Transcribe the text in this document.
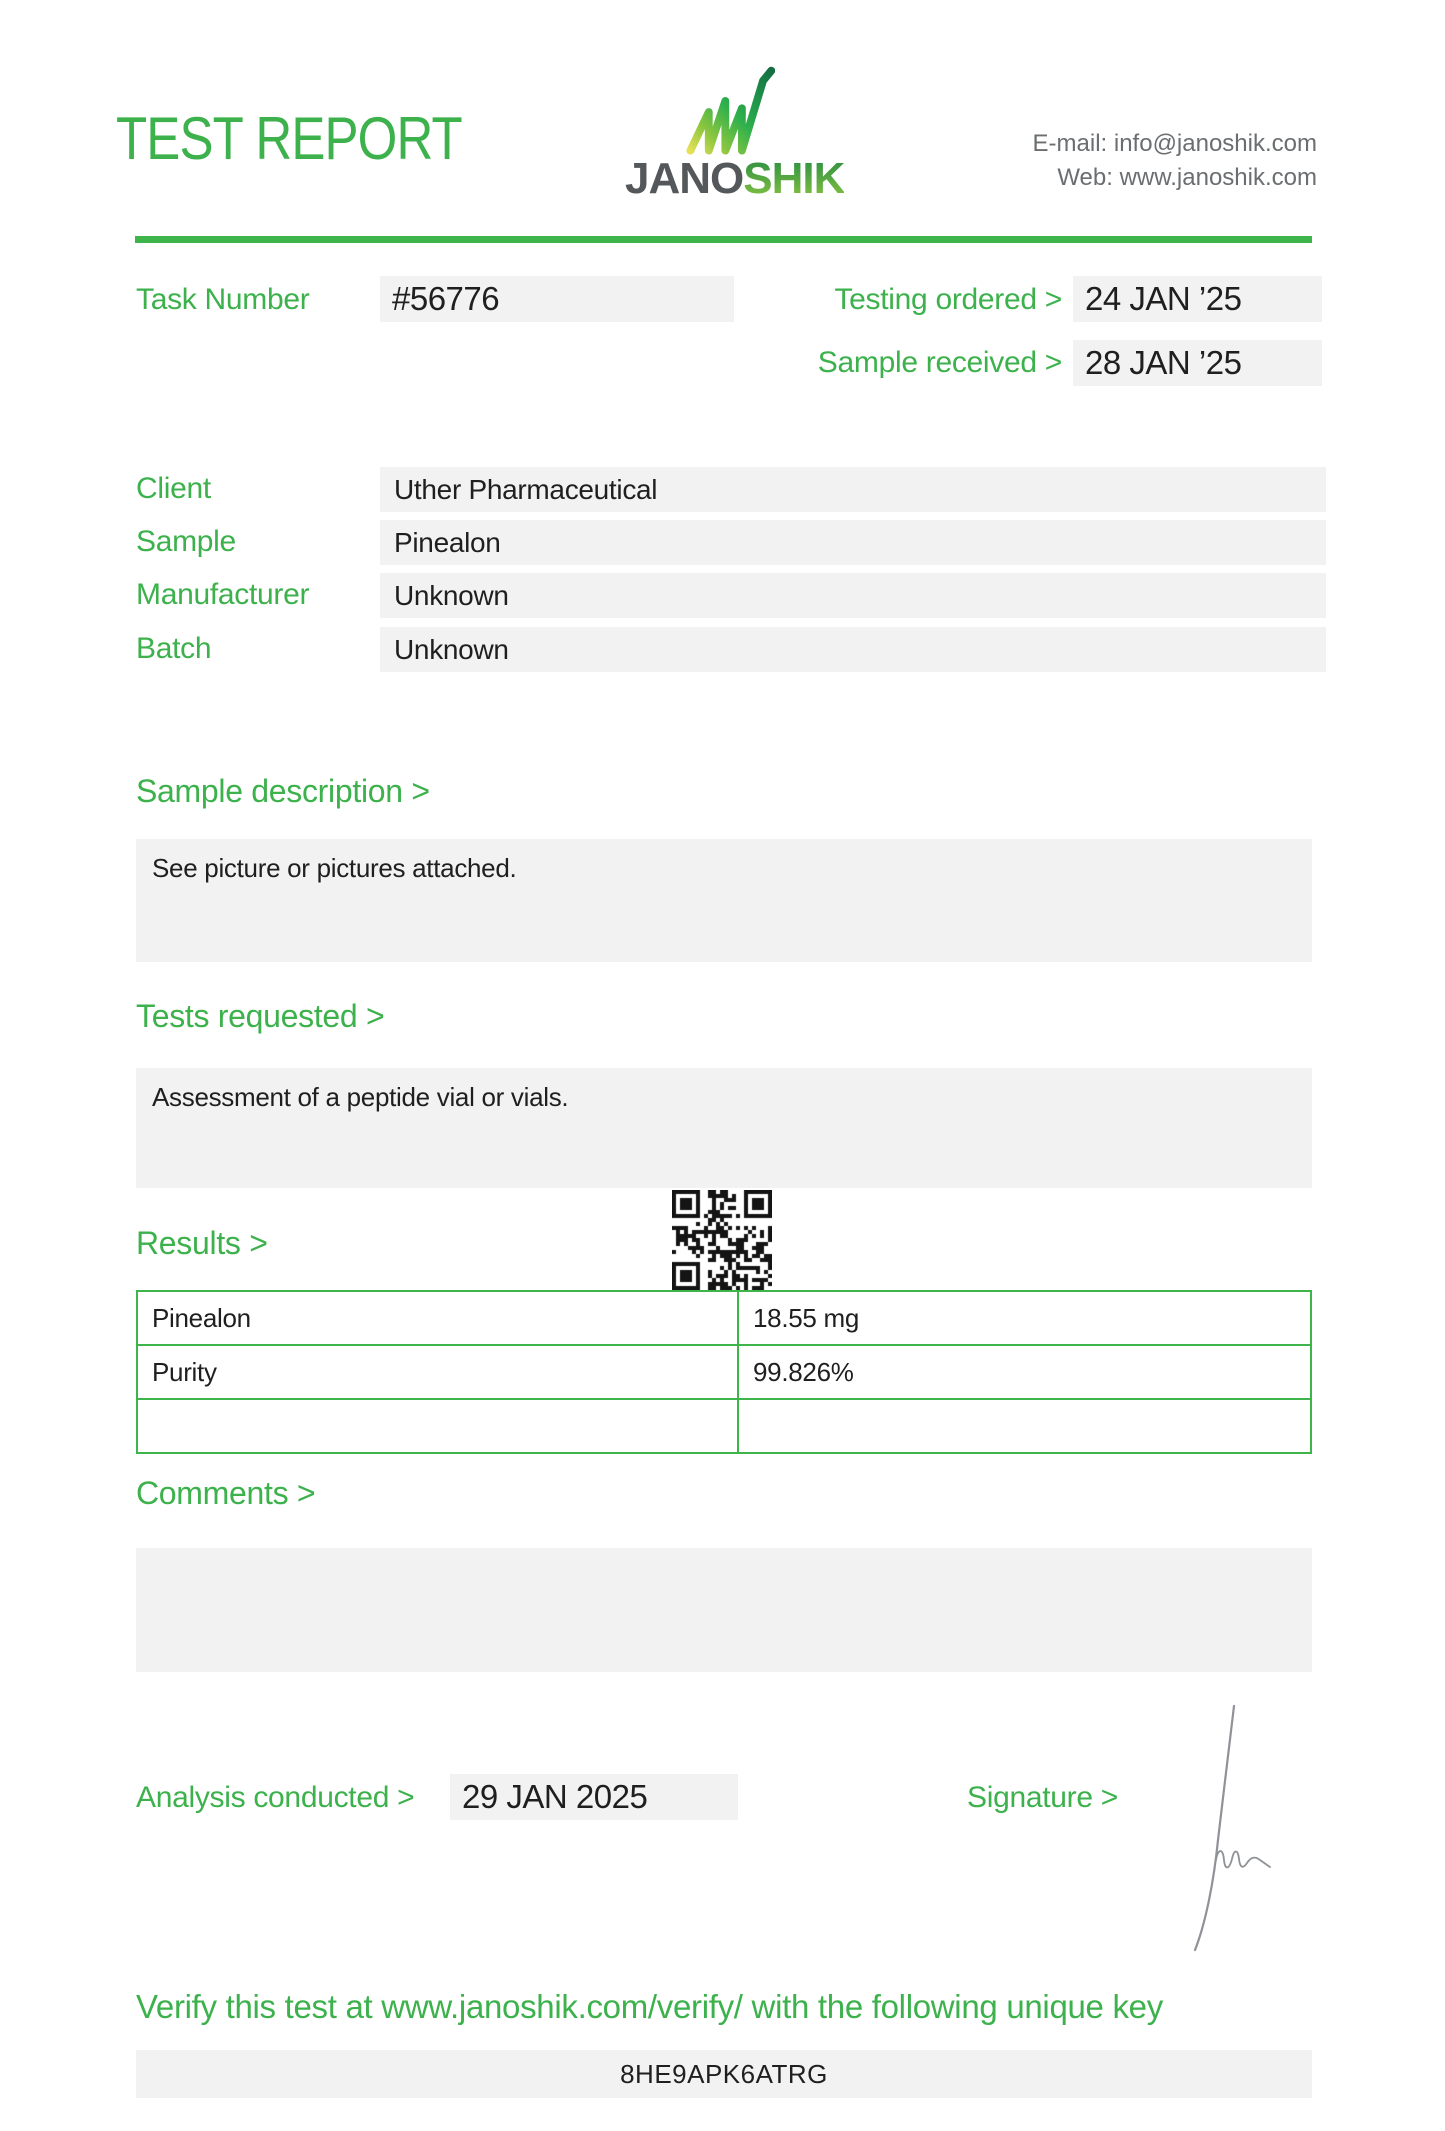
TEST REPORT
JANOSHIK
E-mail: info@janoshik.com
Web: www.janoshik.com
Task Number	#56776	Testing ordered > 24 JAN ’25
Sample received > 28 JAN ’25
Client	Uther Pharmaceutical
Sample	Pinealon
Manufacturer	Unknown
Batch	Unknown
Sample description >
See picture or pictures attached.
Tests requested >
Assessment of a peptide vial or vials.
Results >
Pinealon	18.55 mg
Purity	99.826%

Comments >
Analysis conducted >	29 JAN 2025	Signature >
Verify this test at www.janoshik.com/verify/ with the following unique key
8HE9APK6ATRG
